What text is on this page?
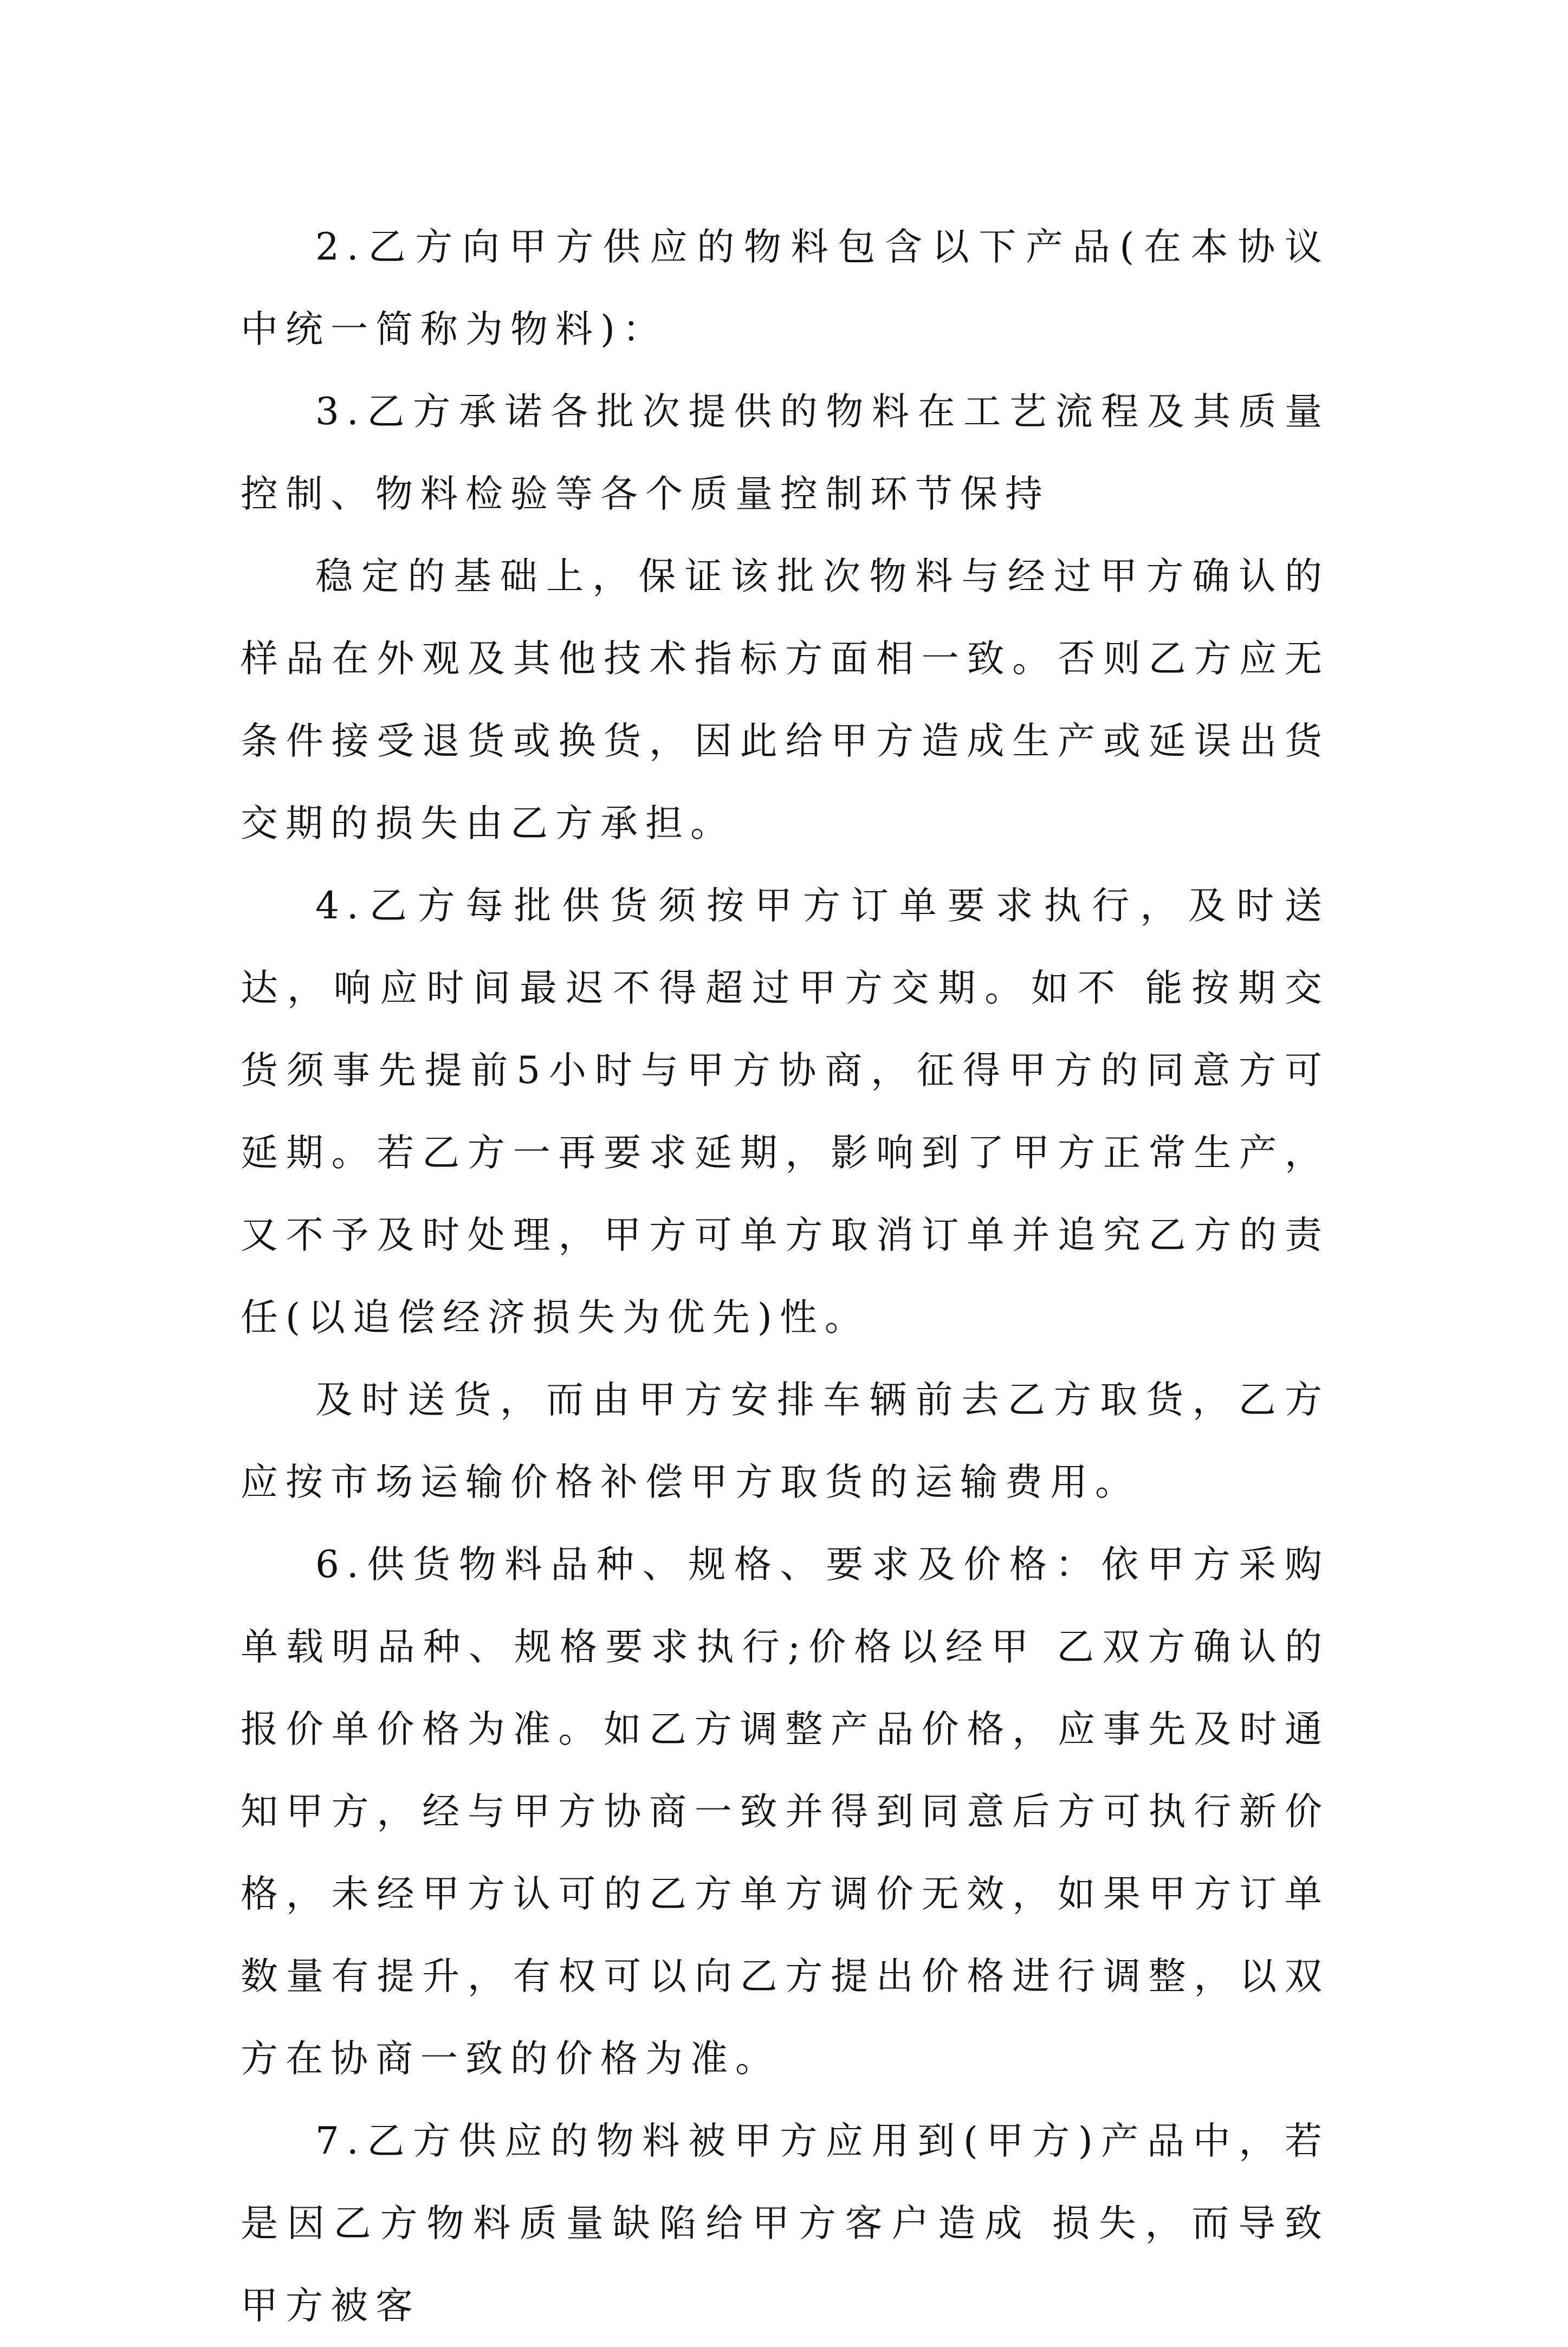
2.乙方向甲方供应的物料包含以下产品(在本协议中统一简称为物料)：

3.乙方承诺各批次提供的物料在工艺流程及其质量控制、物料检验等各个质量控制环节保持

稳定的基础上，保证该批次物料与经过甲方确认的样品在外观及其他技术指标方面相一致。否则乙方应无条件接受退货或换货，因此给甲方造成生产或延误出货交期的损失由乙方承担。

4.乙方每批供货须按甲方订单要求执行，及时送达，响应时间最迟不得超过甲方交期。如不 能按期交货须事先提前5小时与甲方协商，征得甲方的同意方可延期。若乙方一再要求延期，影响到了甲方正常生产，又不予及时处理，甲方可单方取消订单并追究乙方的责任(以追偿经济损失为优先)性。

及时送货，而由甲方安排车辆前去乙方取货，乙方应按市场运输价格补偿甲方取货的运输费用。

6.供货物料品种、规格、要求及价格：依甲方采购单载明品种、规格要求执行;价格以经甲 乙双方确认的报价单价格为准。如乙方调整产品价格，应事先及时通知甲方，经与甲方协商一致并得到同意后方可执行新价格，未经甲方认可的乙方单方调价无效，如果甲方订单数量有提升，有权可以向乙方提出价格进行调整，以双方在协商一致的价格为准。

7.乙方供应的物料被甲方应用到(甲方)产品中，若是因乙方物料质量缺陷给甲方客户造成 损失，而导致甲方被客
